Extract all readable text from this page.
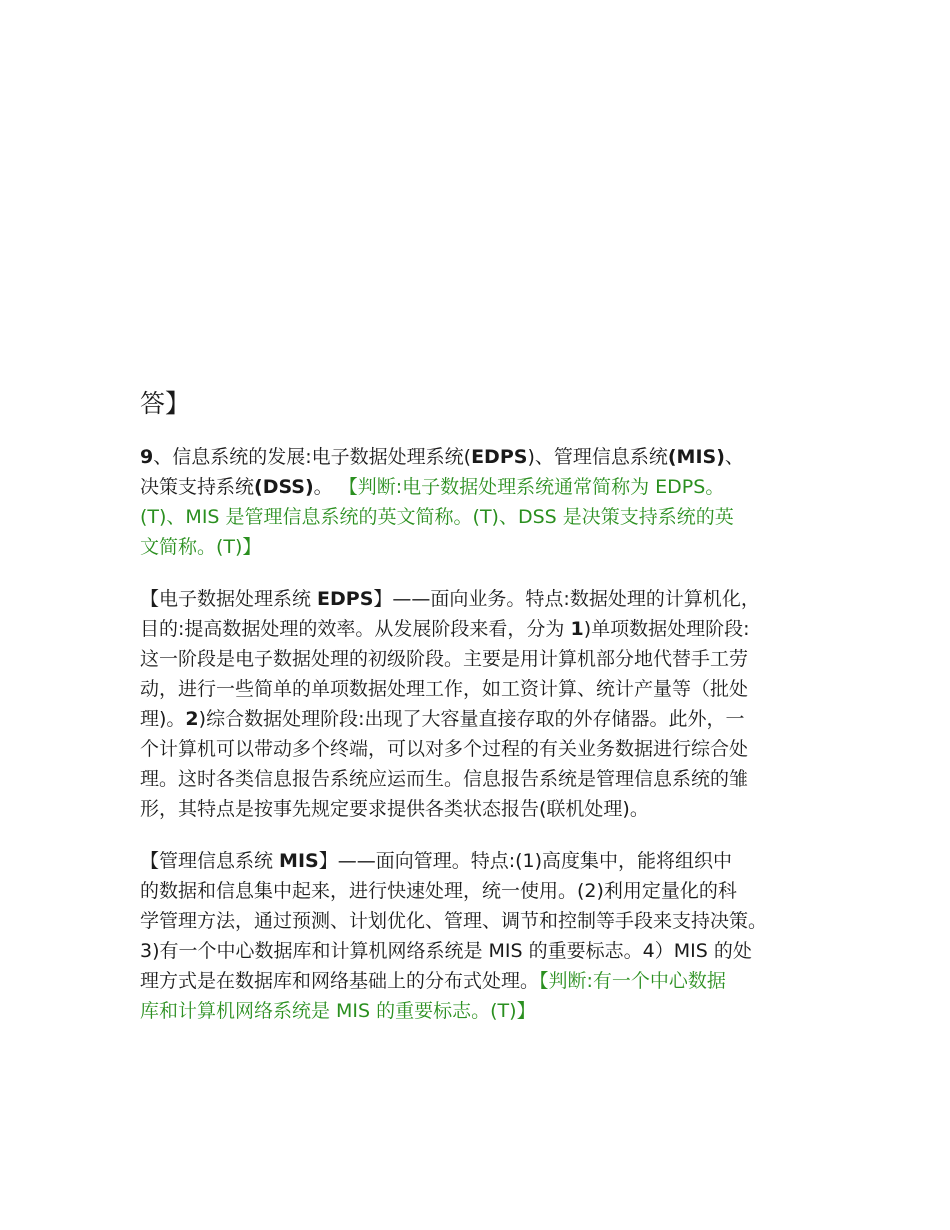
答】
9、信息系统的发展:电子数据处理系统(EDPS)、管理信息系统(MIS)、
决策支持系统(DSS)。 【判断:电子数据处理系统通常简称为 EDPS。
(T)、MIS 是管理信息系统的英文简称。(T)、DSS 是决策支持系统的英
文简称。(T)】
【电子数据处理系统 EDPS】——面向业务。特点:数据处理的计算机化，
目的:提高数据处理的效率。从发展阶段来看，分为 1)单项数据处理阶段:
这一阶段是电子数据处理的初级阶段。主要是用计算机部分地代替手工劳
动，进行一些简单的单项数据处理工作，如工资计算、统计产量等（批处
理)。2)综合数据处理阶段:出现了大容量直接存取的外存储器。此外，一
个计算机可以带动多个终端，可以对多个过程的有关业务数据进行综合处
理。这时各类信息报告系统应运而生。信息报告系统是管理信息系统的雏
形，其特点是按事先规定要求提供各类状态报告(联机处理)。
【管理信息系统 MIS】——面向管理。特点:(1)高度集中，能将组织中
的数据和信息集中起来，进行快速处理，统一使用。(2)利用定量化的科
学管理方法，通过预测、计划优化、管理、调节和控制等手段来支持决策。
3)有一个中心数据库和计算机网络系统是 MIS 的重要标志。4）MIS 的处
理方式是在数据库和网络基础上的分布式处理。【判断:有一个中心数据
库和计算机网络系统是 MIS 的重要标志。(T)】
